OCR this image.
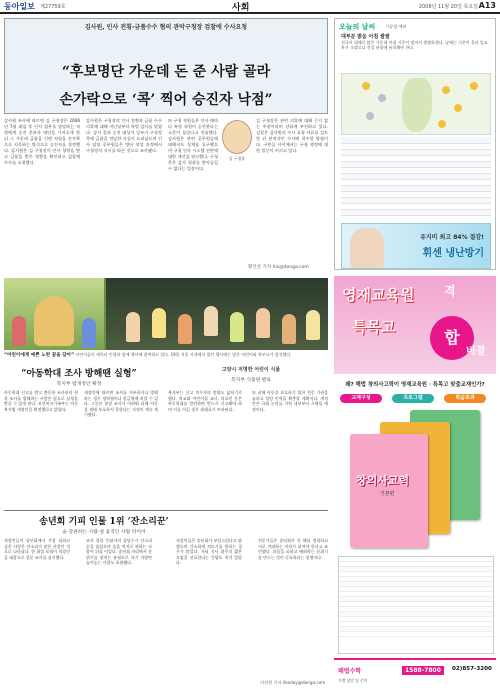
동아일보 제27759호	사회	2008년 11월 20일 목요일 A13
김사원, 인사 전횡-금품수수 혐의 관악구청장 검찰에 수사요청
“후보명단 가운데 돈 준 사람 골라
손가락으로 ‘콕’ 찍어 승진자 낙점”
감사원 조사에 따르면 김 구청장은 2006년 7월 취임 후 인사 업무를 담당하는 직원에게 승진 후보자 명단을 가져오게 한 뒤 그 가운데 금품을 건넨 직원을 손가락으로 지목하는 방식으로 승진자를 결정했다. 감사원은 김 구청장이 인사 청탁을 받고 금품을 받은 정황을 확인하고 검찰에 수사를 요청했다.
감사원은 구청장의 인사 전횡과 금품 수수 의혹에 대해 지난달부터 특별 감사를 벌였다. 감사 결과 승진 대상자 일부가 구청장 측에 금품을 전달한 사실이 드러났으며 인사 담당 공무원들은 명단 작성 과정에서 구청장의 지시를 따른 것으로 조사됐다.
또 구청 직원들은 인사 때마다 특정 직원이 승진한다는 소문이 돌았다고 진술했다. 감사원은 관련 공무원들에 대해서도 징계를 요구했으며 구청 인사 시스템 전반에 대한 개선을 권고했다. 구청 측은 감사 결과를 받아들일 수 없다는 입장이다.
김 구청장은 관련 의혹에 대해 근거 없는 주장이라며 강하게 부인하고 있다. 검찰은 감사원의 수사 요청 자료를 검토한 뒤 본격적인 수사에 착수할 방침이다. 구민들 사이에서는 구청 행정에 대한 불신이 커지고 있다.
김 구청장
황인찬 기자 hic@donga.com
오늘의 날씨 기상청 예보
대부분 맑음 아침 쌀쌀
전국이 대체로 맑은 가운데 아침 기온이 떨어져 쌀쌀하겠다. 낮에는 기온이 올라 일교차가 크겠으니 건강 관리에 유의해야 한다.
유지비 최고 84% 절감!
휘센 냉난방기
“어린이에게 예쁜 노란 꿈을 담아” 어린이들이 캐릭터 인형과 함께 행사에 참여하고 있다. 19일 서울 시내에서 열린 행사에는 많은 어린이와 학부모가 참석했다.
“아동학대 조사 방해땐 실형”
복지부 법개정안 확정
고양시 저명한 어린이 식품
복지부 식품원 발표
아동학대 신고를 받고 출동한 조사관의 현장 조사를 방해하는 사람은 앞으로 실형을 받을 수 있게 된다. 보건복지가족부는 아동복지법 개정안을 확정했다고 밝혔다.
개정안에 따르면 조사를 거부하거나 방해하는 경우 징역형이나 벌금형에 처할 수 있다. 그동안 현장 조사가 어려워 피해 아동을 제때 보호하지 못한다는 지적이 계속 제기됐다.
복지부는 신고 의무자의 범위도 넓히기로 했다. 학교와 어린이집 교사, 의료인 등은 아동학대를 발견하면 반드시 신고해야 하며 이를 어길 경우 과태료가 부과된다.
또 피해 아동을 보호하기 위한 전문 기관을 늘리고 상담 인력을 확충할 계획이다. 개정안은 국회 논의를 거쳐 내년부터 시행될 예정이다.
송년회 기피 인물 1위 ‘잔소리꾼’
술 강권하는 사람·설 움직인 사람 뒤이어
직장인들이 송년회에서 가장 피하고 싶은 사람은 잔소리가 많은 사람인 것으로 나타났다. 한 취업 포털이 직장인을 대상으로 설문 조사를 실시했다.
조사 결과 응답자의 상당수가 잔소리꾼을 꼽았으며 술을 억지로 권하는 사람이 뒤를 이었다. 송년회 자리에서 분위기를 망치는 유형으로 자기 자랑만 늘어놓는 사람도 포함됐다.
직장인들은 송년회가 부담스럽다고 답했으며 간소하게 치르기를 원하는 경우가 많았다. 저녁 식사 위주의 짧은 모임을 선호한다는 응답도 적지 않았다.
전문가들은 송년회가 한 해를 정리하고 서로 격려하는 자리가 되어야 한다고 조언했다. 과음을 피하고 배려하는 분위기를 만드는 것이 중요하다는 설명이다.
이진한 기자 likeday@donga.com
영재교육원
특목고
합
격
비결
왜? 해법 창의사고력이 영재교육원 · 특목고 맞춤교재인가?
교재구성	프로그램	학습효과
창의사고력
기본편
해법수학	1588-7800	02)857-3200
가맹 상담 및 문의
